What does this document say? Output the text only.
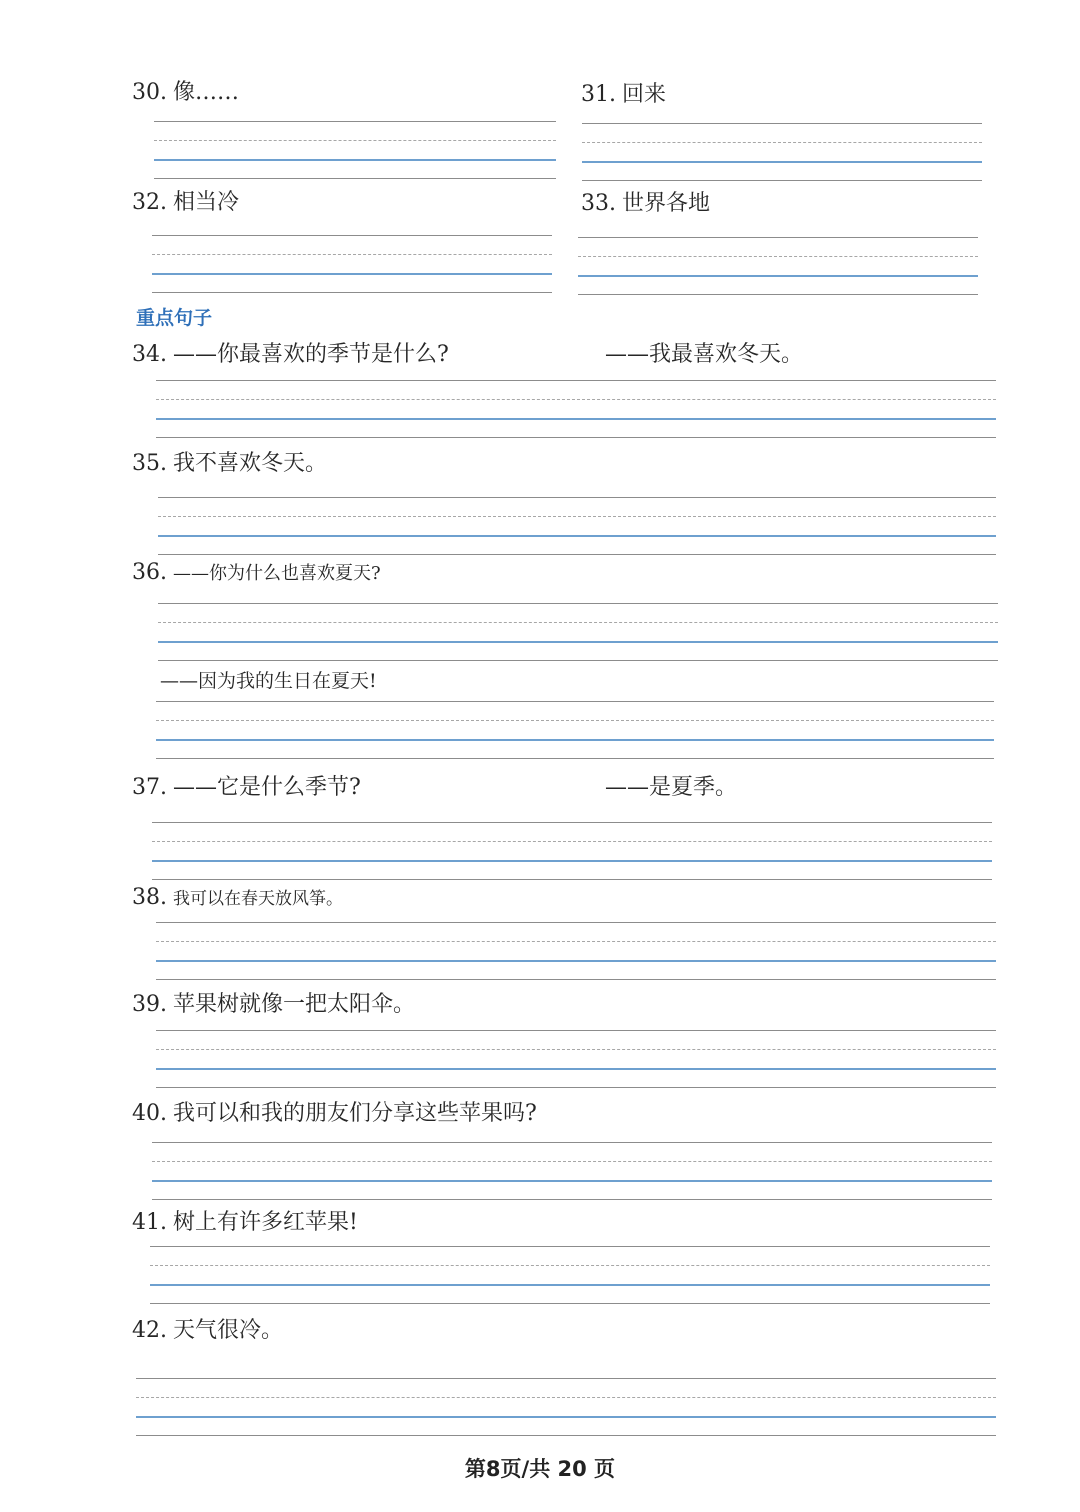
30. 像……	31. 回来
32. 相当冷	33. 世界各地
重点句子
34. ——你最喜欢的季节是什么?	——我最喜欢冬天。
35. 我不喜欢冬天。
36. ——你为什么也喜欢夏天?
——因为我的生日在夏天!
37. ——它是什么季节?	——是夏季。
38. 我可以在春天放风筝。
39. 苹果树就像一把太阳伞。
40. 我可以和我的朋友们分享这些苹果吗?
41. 树上有许多红苹果!
42. 天气很冷。
第8页/共 20 页
